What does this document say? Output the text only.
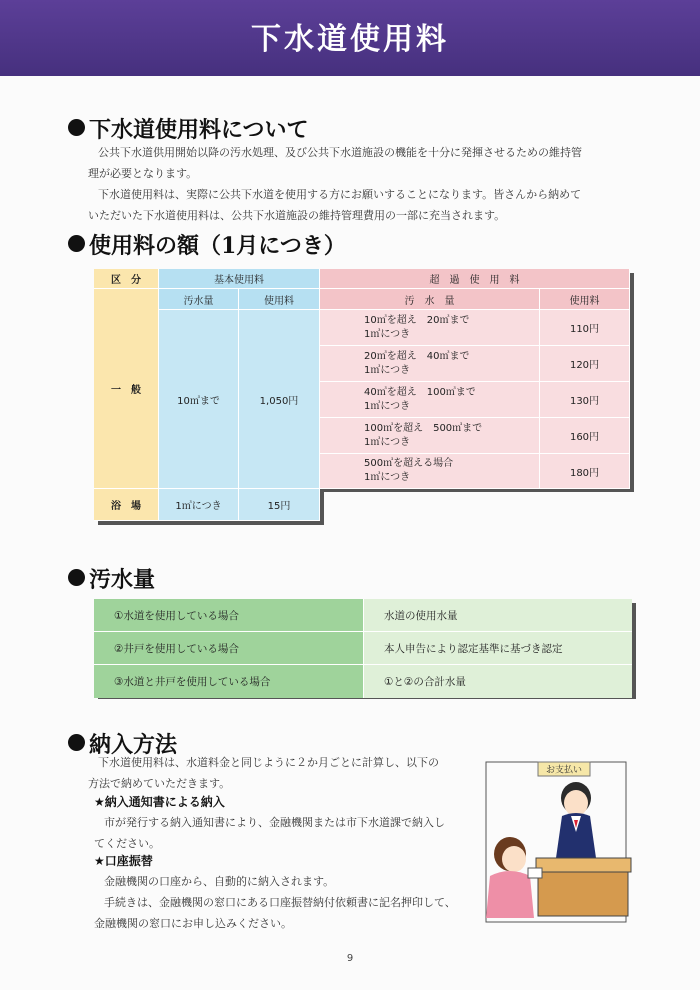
下水道使用料
下水道使用料について
公共下水道供用開始以降の汚水処理、及び公共下水道施設の機能を十分に発揮させるための維持管
理が必要となります。
下水道使用料は、実際に公共下水道を使用する方にお願いすることになります。皆さんから納めて
いただいた下水道使用料は、公共下水道施設の維持管理費用の一部に充当されます。
使用料の額（1月につき）
区　分	基本使用料	超　過　使　用　料
一　般
汚水量	使用料	汚　水　量	使用料
10㎥まで	1,050円
10㎥を超え　20㎥まで
1㎥につき	110円
20㎥を超え　40㎥まで
1㎥につき	120円
40㎥を超え　100㎥まで
1㎥につき	130円
100㎥を超え　500㎥まで
1㎥につき	160円
500㎥を超える場合
1㎥につき	180円
浴　場	1㎥につき	15円
汚水量
①水道を使用している場合	水道の使用水量
②井戸を使用している場合	本人申告により認定基準に基づき認定
③水道と井戸を使用している場合	①と②の合計水量
納入方法
下水道使用料は、水道料金と同じように２か月ごとに計算し、以下の
方法で納めていただきます。
★納入通知書による納入
市が発行する納入通知書により、金融機関または市下水道課で納入し
てください。
★口座振替
金融機関の口座から、自動的に納入されます。
手続きは、金融機関の窓口にある口座振替納付依頼書に記名押印して、
金融機関の窓口にお申し込みください。
お支払い
9
